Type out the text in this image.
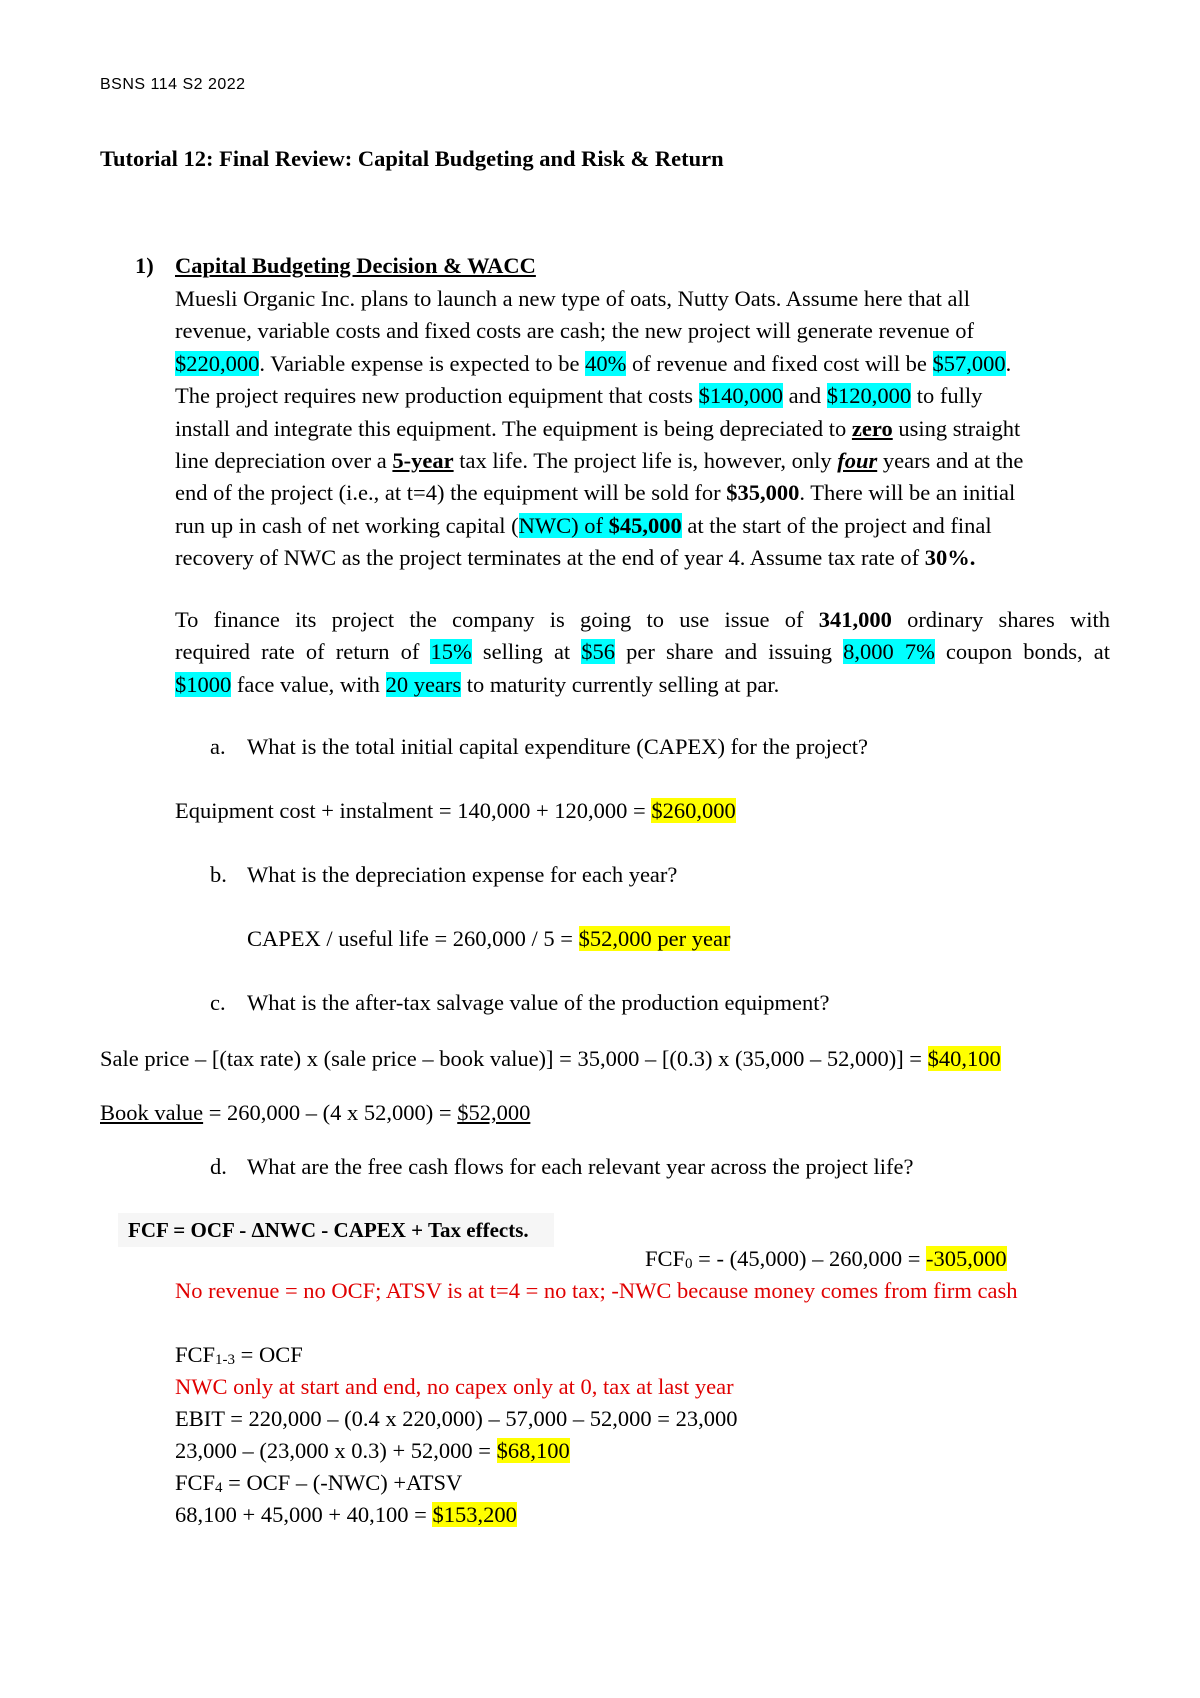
BSNS 114 S2 2022
Tutorial 12: Final Review: Capital Budgeting and Risk & Return
1) Capital Budgeting Decision & WACC
Muesli Organic Inc. plans to launch a new type of oats, Nutty Oats. Assume here that all
revenue, variable costs and fixed costs are cash; the new project will generate revenue of
$220,000. Variable expense is expected to be 40% of revenue and fixed cost will be $57,000.
The project requires new production equipment that costs $140,000 and $120,000 to fully
install and integrate this equipment. The equipment is being depreciated to zero using straight
line depreciation over a 5-year tax life. The project life is, however, only four years and at the
end of the project (i.e., at t=4) the equipment will be sold for $35,000. There will be an initial
run up in cash of net working capital (NWC) of $45,000 at the start of the project and final
recovery of NWC as the project terminates at the end of year 4. Assume tax rate of 30%.
To finance its project the company is going to use issue of 341,000 ordinary shares with
required rate of return of 15% selling at $56 per share and issuing 8,000 7% coupon bonds, at
$1000 face value, with 20 years to maturity currently selling at par.
a. What is the total initial capital expenditure (CAPEX) for the project?
Equipment cost + instalment = 140,000 + 120,000 = $260,000
b. What is the depreciation expense for each year?
CAPEX / useful life = 260,000 / 5 = $52,000 per year
c. What is the after-tax salvage value of the production equipment?
Sale price – [(tax rate) x (sale price – book value)] = 35,000 – [(0.3) x (35,000 – 52,000)] = $40,100
Book value = 260,000 – (4 x 52,000) = $52,000
d. What are the free cash flows for each relevant year across the project life?
FCF = OCF - ΔNWC - CAPEX + Tax effects.
FCF0 = - (45,000) – 260,000 = -305,000
No revenue = no OCF; ATSV is at t=4 = no tax; -NWC because money comes from firm cash
FCF1-3 = OCF
NWC only at start and end, no capex only at 0, tax at last year
EBIT = 220,000 – (0.4 x 220,000) – 57,000 – 52,000 = 23,000
23,000 – (23,000 x 0.3) + 52,000 = $68,100
FCF4 = OCF – (-NWC) +ATSV
68,100 + 45,000 + 40,100 = $153,200
